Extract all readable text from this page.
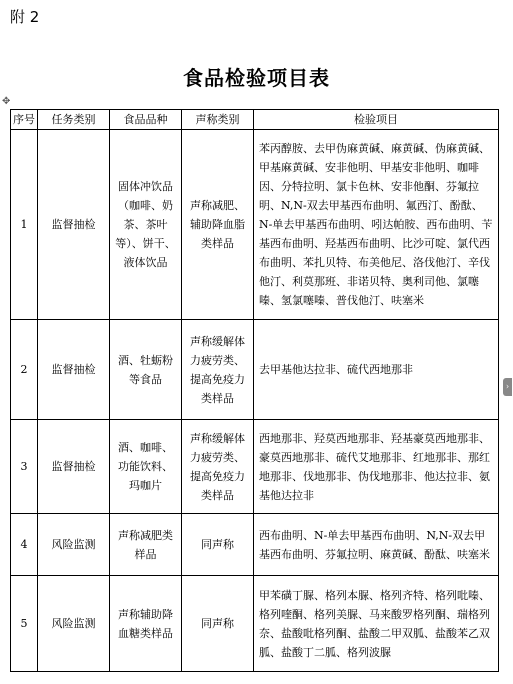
附 2
食品检验项目表
✥
序号	任务类别	食品品种	声称类别	检验项目
1	监督抽检	固体冲饮品（咖啡、奶茶、茶叶等）、饼干、液体饮品	声称减肥、辅助降血脂类样品	苯丙醇胺、去甲伪麻黄碱、麻黄碱、伪麻黄碱、甲基麻黄碱、安非他明、甲基安非他明、咖啡因、分特拉明、氯卡色林、安非他酮、芬氟拉明、N,N-双去甲基西布曲明、氟西汀、酚酞、N-单去甲基西布曲明、吲达帕胺、西布曲明、苄基西布曲明、羟基西布曲明、比沙可啶、氯代西布曲明、苯扎贝特、布美他尼、洛伐他汀、辛伐他汀、利莫那班、非诺贝特、奥利司他、氯噻嗪、氢氯噻嗪、普伐他汀、呋塞米
2	监督抽检	酒、牡蛎粉等食品	声称缓解体力疲劳类、提高免疫力类样品	去甲基他达拉非、硫代西地那非
3	监督抽检	酒、咖啡、功能饮料、玛咖片	声称缓解体力疲劳类、提高免疫力类样品	西地那非、羟莫西地那非、羟基豪莫西地那非、豪莫西地那非、硫代艾地那非、红地那非、那红地那非、伐地那非、伪伐地那非、他达拉非、氨基他达拉非
4	风险监测	声称减肥类样品	同声称	西布曲明、N-单去甲基西布曲明、N,N-双去甲基西布曲明、芬氟拉明、麻黄碱、酚酞、呋塞米
5	风险监测	声称辅助降血糖类样品	同声称	甲苯磺丁脲、格列本脲、格列齐特、格列吡嗪、格列喹酮、格列美脲、马来酸罗格列酮、瑞格列奈、盐酸吡格列酮、盐酸二甲双胍、盐酸苯乙双胍、盐酸丁二胍、格列波脲
›
